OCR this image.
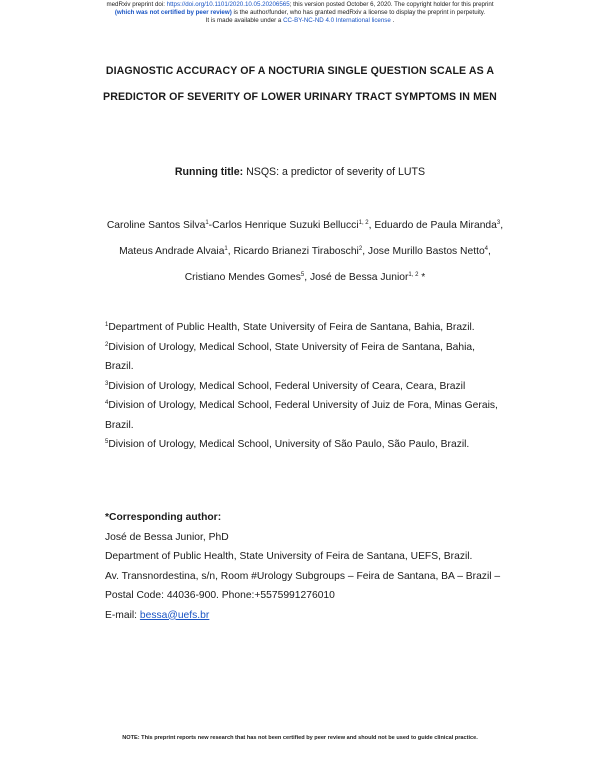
medRxiv preprint doi: https://doi.org/10.1101/2020.10.05.20206565; this version posted October 6, 2020. The copyright holder for this preprint
(which was not certified by peer review) is the author/funder, who has granted medRxiv a license to display the preprint in perpetuity.
It is made available under a CC-BY-NC-ND 4.0 International license .
DIAGNOSTIC ACCURACY OF A NOCTURIA SINGLE QUESTION SCALE AS A PREDICTOR OF SEVERITY OF LOWER URINARY TRACT SYMPTOMS IN MEN
Running title: NSQS: a predictor of severity of LUTS
Caroline Santos Silva$^1$-Carlos Henrique Suzuki Bellucci$^{1, 2}$, Eduardo de Paula Miranda$^3$, Mateus Andrade Alvaia$^1$, Ricardo Brianezi Tiraboschi$^2$, Jose Murillo Bastos Netto$^4$, Cristiano Mendes Gomes$^5$, José de Bessa Junior$^{1, 2}$ *

$^1$Department of Public Health, State University of Feira de Santana, Bahia, Brazil.

$^2$Division of Urology, Medical School, State University of Feira de Santana, Bahia, Brazil.

$^3$Division of Urology, Medical School, Federal University of Ceara, Ceara, Brazil

$^4$Division of Urology, Medical School, Federal University of Juiz de Fora, Minas Gerais, Brazil.

$^5$Division of Urology, Medical School, University of São Paulo, São Paulo, Brazil.

*Corresponding author:

José de Bessa Junior, PhD

Department of Public Health, State University of Feira de Santana, UEFS, Brazil.

Av. Transnordestina, s/n, Room #Urology Subgroups – Feira de Santana, BA – Brazil – Postal Code: 44036-900. Phone:+5575991276010

E-mail: bessa@uefs.br

NOTE: This preprint reports new research that has not been certified by peer review and should not be used to guide clinical practice.
